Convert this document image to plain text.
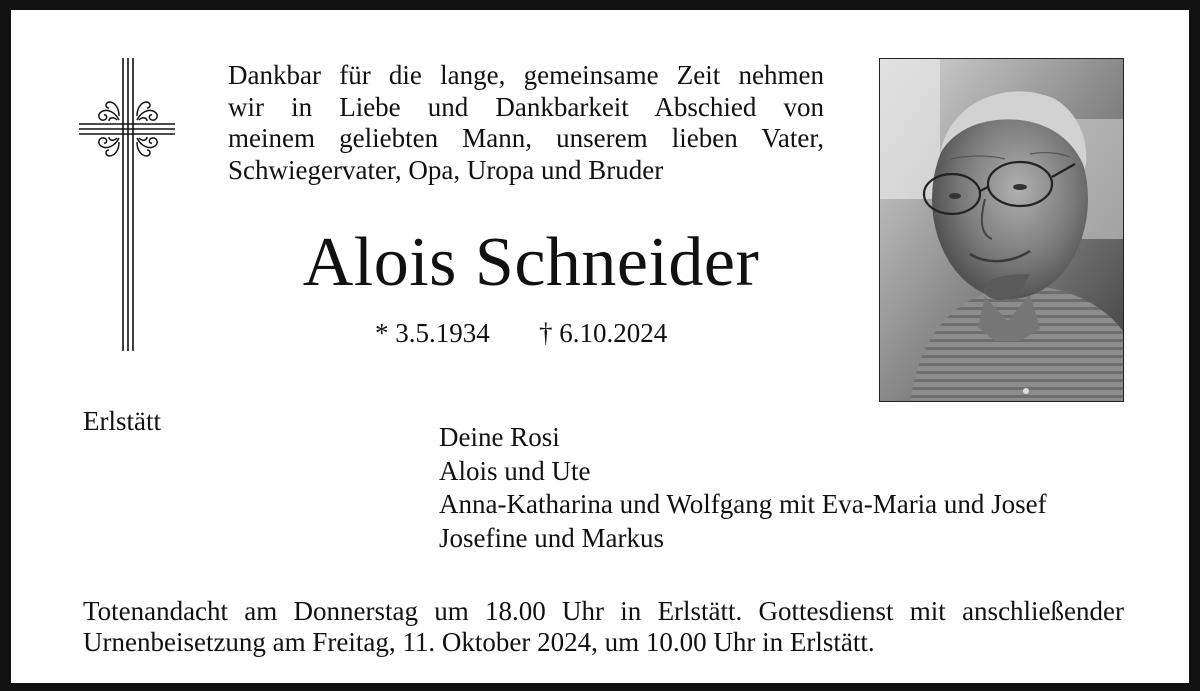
Dankbar für die lange, gemeinsame Zeit nehmen
wir in Liebe und Dankbarkeit Abschied von
meinem geliebten Mann, unserem lieben Vater,
Schwiegervater, Opa, Uropa und Bruder
Alois Schneider
* 3.5.1934 † 6.10.2024
Erlstätt
Deine Rosi
Alois und Ute
Anna-Katharina und Wolfgang mit Eva-Maria und Josef
Josefine und Markus
Totenandacht am Donnerstag um 18.00 Uhr in Erlstätt. Gottesdienst mit anschließender
Urnenbeisetzung am Freitag, 11. Oktober 2024, um 10.00 Uhr in Erlstätt.
